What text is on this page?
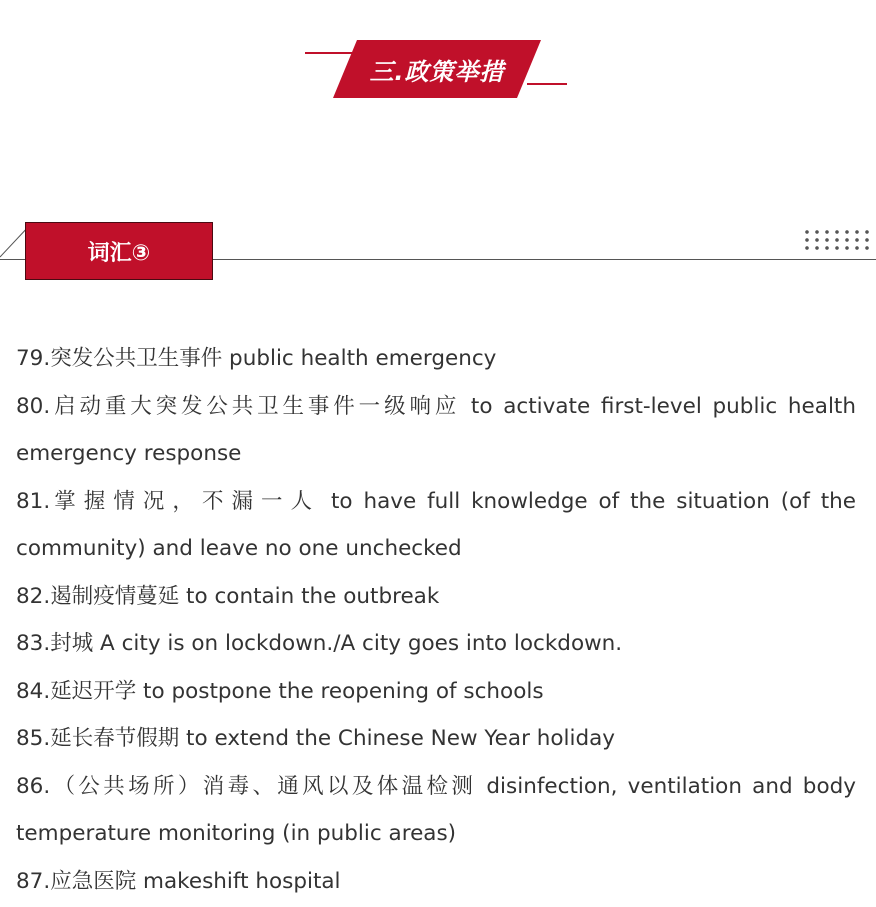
三.政策举措
词汇③
79.突发公共卫生事件 public health emergency
80.启动重大突发公共卫生事件一级响应 to activate first-level public health emergency response
81.掌握情况，不漏一人 to have full knowledge of the situation (of the community) and leave no one unchecked
82.遏制疫情蔓延 to contain the outbreak
83.封城 A city is on lockdown./A city goes into lockdown.
84.延迟开学 to postpone the reopening of schools
85.延长春节假期 to extend the Chinese New Year holiday
86.（公共场所）消毒、通风以及体温检测 disinfection, ventilation and body temperature monitoring (in public areas)
87.应急医院 makeshift hospital
